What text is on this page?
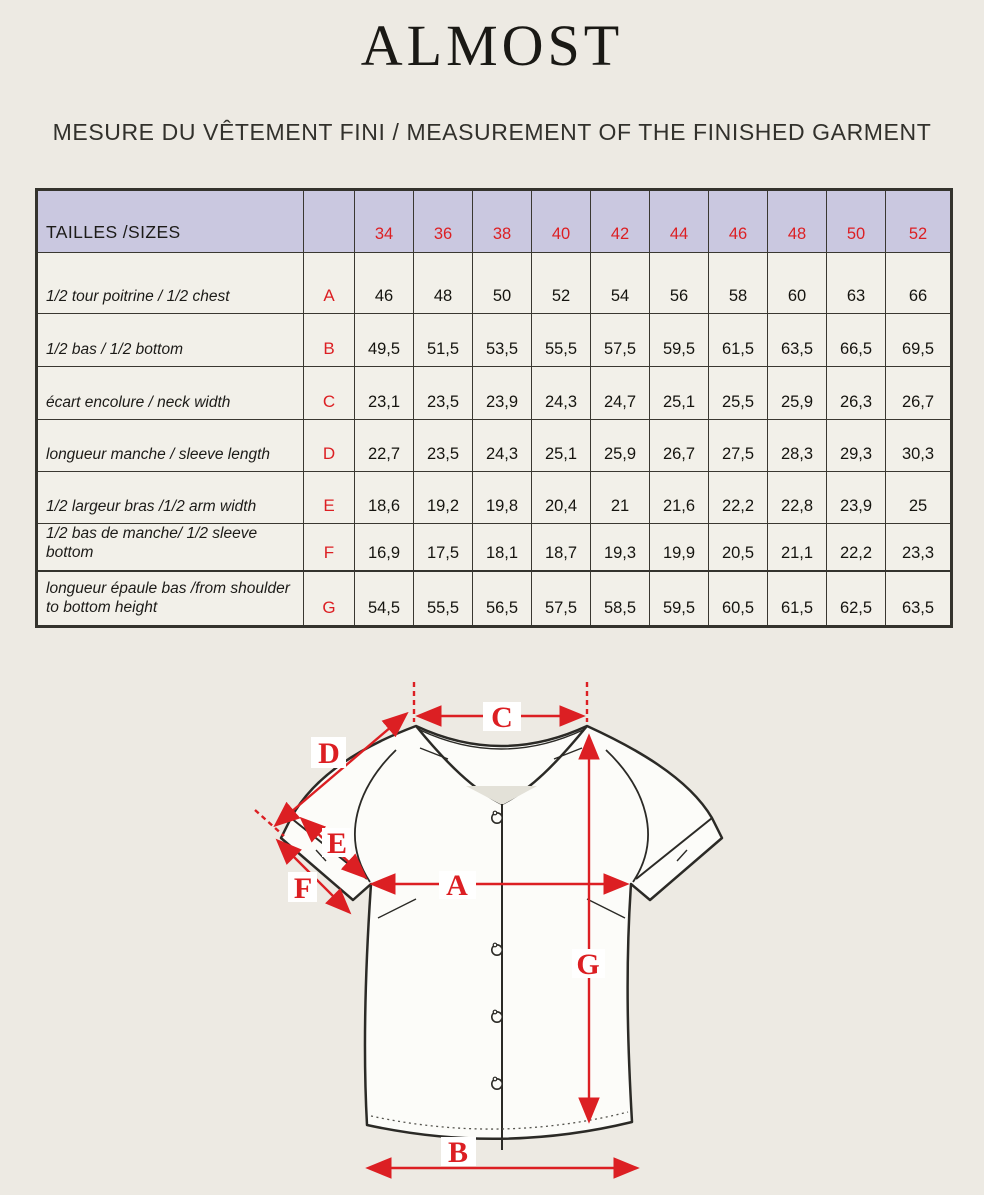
ALMOST
MESURE DU VÊTEMENT FINI / MEASUREMENT OF THE FINISHED GARMENT
TAILLES /SIZES		34	36	38	40	42	44	46	48	50	52
1/2 tour poitrine / 1/2 chest	A	46	48	50	52	54	56	58	60	63	66
1/2 bas / 1/2 bottom	B	49,5	51,5	53,5	55,5	57,5	59,5	61,5	63,5	66,5	69,5
écart encolure / neck width	C	23,1	23,5	23,9	24,3	24,7	25,1	25,5	25,9	26,3	26,7
longueur manche / sleeve length	D	22,7	23,5	24,3	25,1	25,9	26,7	27,5	28,3	29,3	30,3
1/2 largeur bras /1/2 arm width	E	18,6	19,2	19,8	20,4	21	21,6	22,2	22,8	23,9	25
1/2 bas de manche/ 1/2 sleeve bottom	F	16,9	17,5	18,1	18,7	19,3	19,9	20,5	21,1	22,2	23,3
longueur épaule bas /from shoulder to bottom height	G	54,5	55,5	56,5	57,5	58,5	59,5	60,5	61,5	62,5	63,5
C
D
E
F	A
G
B
